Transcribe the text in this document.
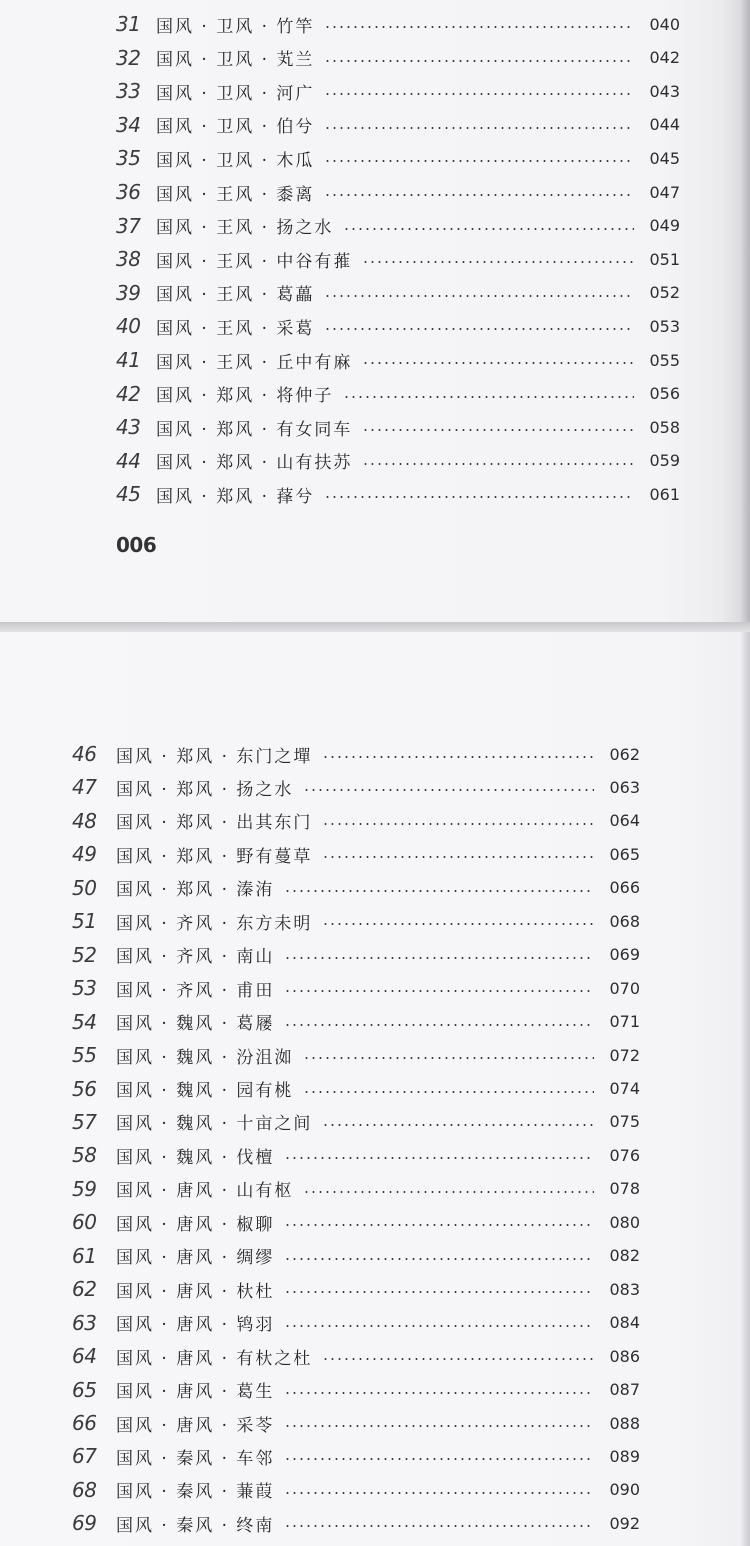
31 国风 · 卫风 · 竹竿	040
32 国风 · 卫风 · 芄兰	042
33 国风 · 卫风 · 河广	043
34 国风 · 卫风 · 伯兮	044
35 国风 · 卫风 · 木瓜	045
36 国风 · 王风 · 黍离	047
37 国风 · 王风 · 扬之水	049
38 国风 · 王风 · 中谷有蓷	051
39 国风 · 王风 · 葛藟	052
40 国风 · 王风 · 采葛	053
41 国风 · 王风 · 丘中有麻	055
42 国风 · 郑风 · 将仲子	056
43 国风 · 郑风 · 有女同车	058
44 国风 · 郑风 · 山有扶苏	059
45 国风 · 郑风 · 萚兮	061
006
46	国风 · 郑风 · 东门之墠	062
47	国风 · 郑风 · 扬之水	063
48	国风 · 郑风 · 出其东门	064
49	国风 · 郑风 · 野有蔓草	065
50	国风 · 郑风 · 溱洧	066
51	国风 · 齐风 · 东方未明	068
52	国风 · 齐风 · 南山	069
53	国风 · 齐风 · 甫田	070
54	国风 · 魏风 · 葛屦	071
55	国风 · 魏风 · 汾沮洳	072
56	国风 · 魏风 · 园有桃	074
57	国风 · 魏风 · 十亩之间	075
58	国风 · 魏风 · 伐檀	076
59	国风 · 唐风 · 山有枢	078
60	国风 · 唐风 · 椒聊	080
61	国风 · 唐风 · 绸缪	082
62	国风 · 唐风 · 杕杜	083
63	国风 · 唐风 · 鸨羽	084
64	国风 · 唐风 · 有杕之杜	086
65	国风 · 唐风 · 葛生	087
66	国风 · 唐风 · 采苓	088
67	国风 · 秦风 · 车邻	089
68	国风 · 秦风 · 蒹葭	090
69	国风 · 秦风 · 终南	092
